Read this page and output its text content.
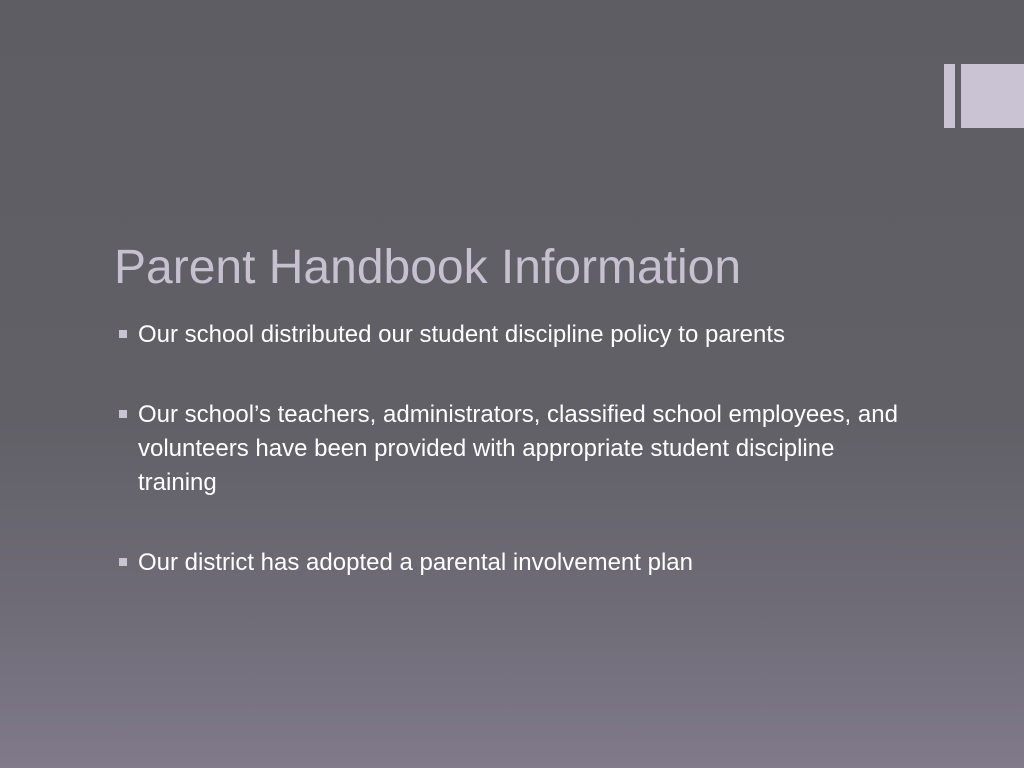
Parent Handbook Information
Our school distributed our student discipline policy to parents
Our school’s teachers, administrators, classified school employees, and volunteers have been provided with appropriate student discipline training
Our district has adopted a parental involvement plan
